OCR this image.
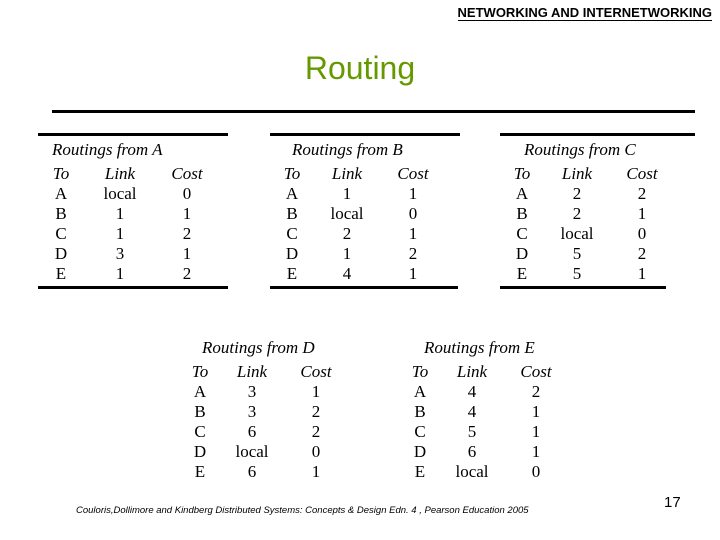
NETWORKING AND INTERNETWORKING
Routing
Routings from A
To	Link	Cost
A	local	0
B	1	1
C	1	2
D	3	1
E	1	2
Routings from B
To	Link	Cost
A	1	1
B	local	0
C	2	1
D	1	2
E	4	1
Routings from C
To	Link	Cost
A	2	2
B	2	1
C	local	0
D	5	2
E	5	1
Routings from D
To	Link	Cost
A	3	1
B	3	2
C	6	2
D	local	0
E	6	1
Routings from E
To	Link	Cost
A	4	2
B	4	1
C	5	1
D	6	1
E	local	0
Couloris,Dollimore and Kindberg Distributed Systems: Concepts & Design Edn. 4 , Pearson Education 2005	17
